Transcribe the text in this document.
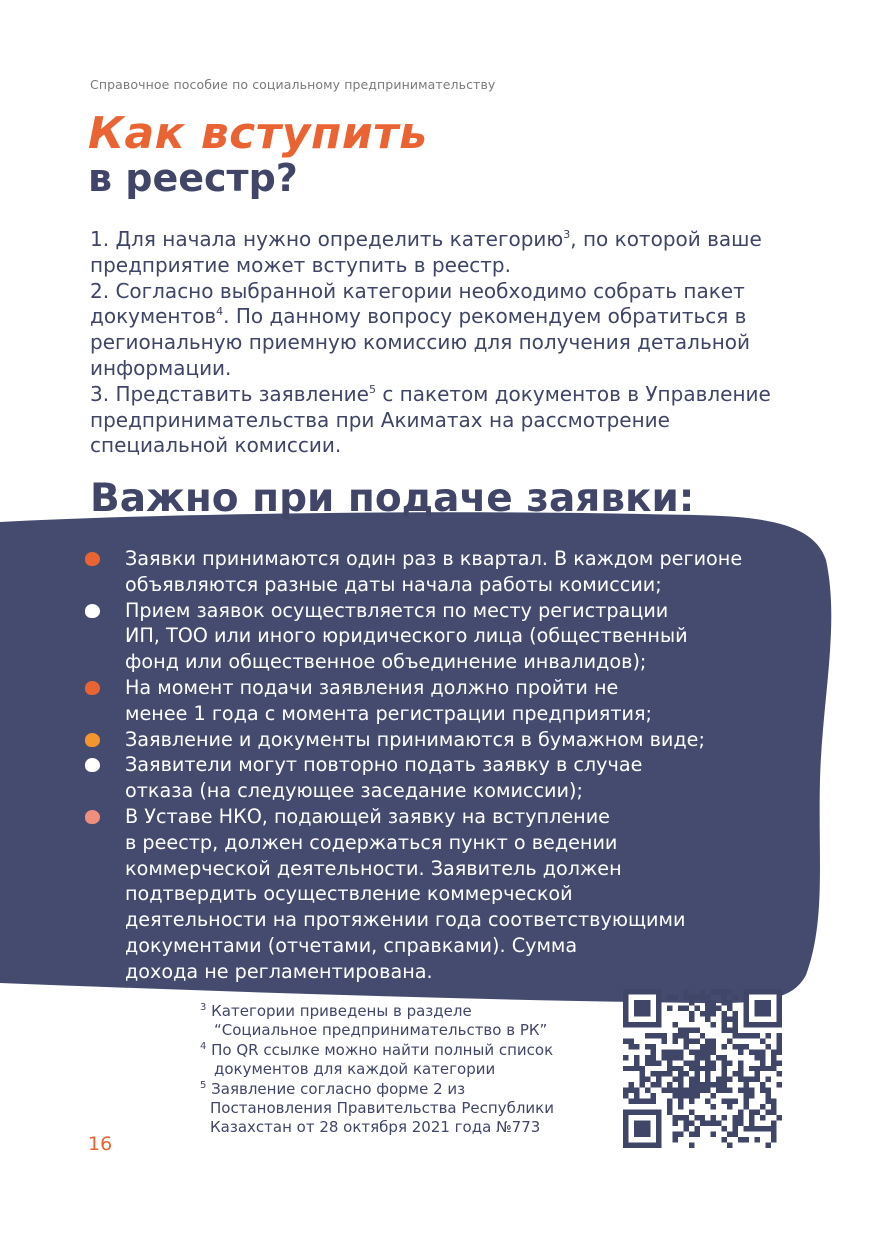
Справочное пособие по социальному предпринимательству
Как вступить
в реестр?

1. Для начала нужно определить категорию$^3$, по которой ваше

предприятие может вступить в реестр.

2. Согласно выбранной категории необходимо собрать пакет

документов$^4$. По данному вопросу рекомендуем обратиться в

региональную приемную комиссию для получения детальной

информации.

3. Представить заявление$^5$ с пакетом документов в Управление

предпринимательства при Акиматах на рассмотрение

специальной комиссии.

Важно при подаче заявки:
Заявки принимаются один раз в квартал. В каждом регионе
объявляются разные даты начала работы комиссии;
Прием заявок осуществляется по месту регистрации
ИП, ТОО или иного юридического лица (общественный
фонд или общественное объединение инвалидов);
На момент подачи заявления должно пройти не
менее 1 года с момента регистрации предприятия;
Заявление и документы принимаются в бумажном виде;
Заявители могут повторно подать заявку в случае
отказа (на следующее заседание комиссии);
В Уставе НКО, подающей заявку на вступление
в реестр, должен содержаться пункт о ведении
коммерческой деятельности. Заявитель должен
подтвердить осуществление коммерческой
деятельности на протяжении года соответствующими
документами (отчетами, справками). Сумма
дохода не регламентирована.

$^3$ Категории приведены в разделе

“Социальное предпринимательство в РК”

$^4$ По QR ссылке можно найти полный список

документов для каждой категории

$^5$ Заявление согласно форме 2 из

Постановления Правительства Республики

Казахстан от 28 октября 2021 года №773

16
